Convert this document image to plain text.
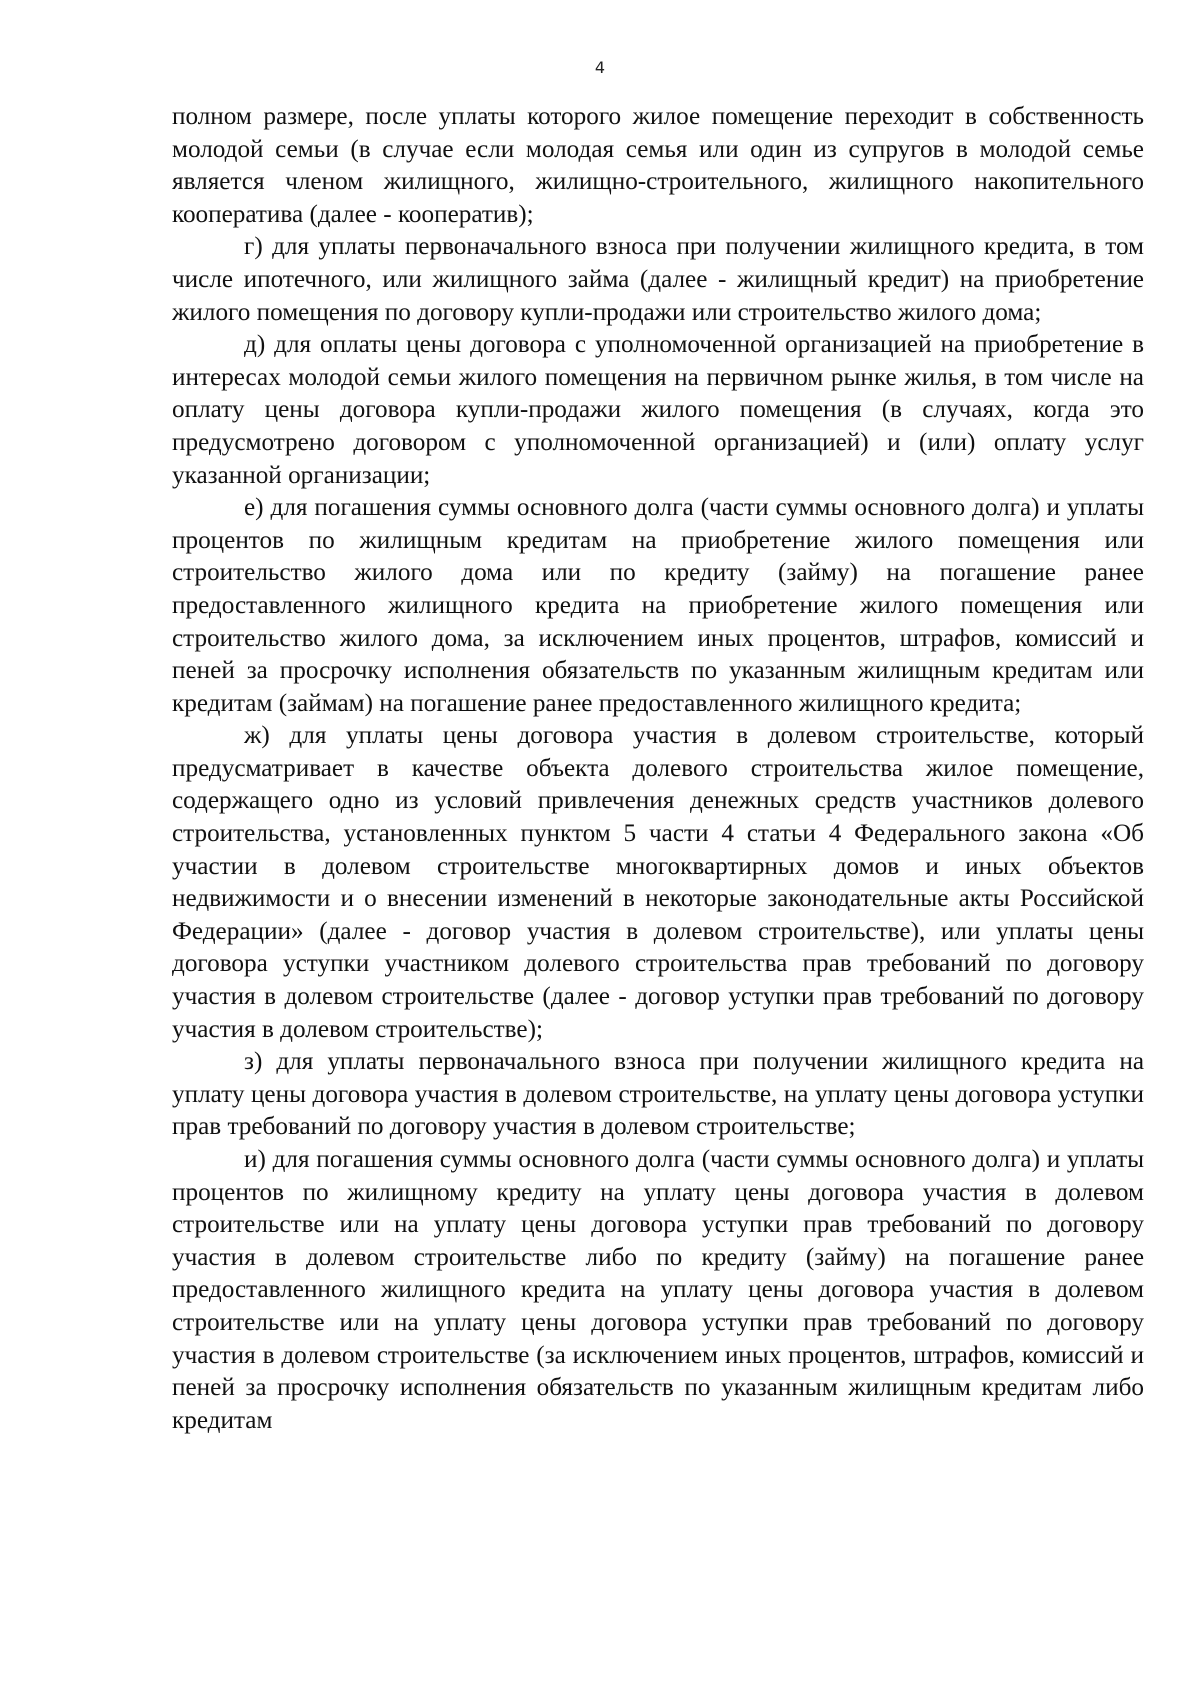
4

полном размере, после уплаты которого жилое помещение переходит в собственность молодой семьи (в случае если молодая семья или один из супругов в молодой семье является членом жилищного, жилищно-строительного, жилищного накопительного кооператива (далее - кооператив);

г) для уплаты первоначального взноса при получении жилищного кредита, в том числе ипотечного, или жилищного займа (далее - жилищный кредит) на приобретение жилого помещения по договору купли-продажи или строительство жилого дома;

д) для оплаты цены договора с уполномоченной организацией на приобретение в интересах молодой семьи жилого помещения на первичном рынке жилья, в том числе на оплату цены договора купли-продажи жилого помещения (в случаях, когда это предусмотрено договором с уполномоченной организацией) и (или) оплату услуг указанной организации;

е) для погашения суммы основного долга (части суммы основного долга) и уплаты процентов по жилищным кредитам на приобретение жилого помещения или строительство жилого дома или по кредиту (займу) на погашение ранее предоставленного жилищного кредита на приобретение жилого помещения или строительство жилого дома, за исключением иных процентов, штрафов, комиссий и пеней за просрочку исполнения обязательств по указанным жилищным кредитам или кредитам (займам) на погашение ранее предоставленного жилищного кредита;

ж) для уплаты цены договора участия в долевом строительстве, который предусматривает в качестве объекта долевого строительства жилое помещение, содержащего одно из условий привлечения денежных средств участников долевого строительства, установленных пунктом 5 части 4 статьи 4 Федерального закона «Об участии в долевом строительстве многоквартирных домов и иных объектов недвижимости и о внесении изменений в некоторые законодательные акты Российской Федерации» (далее - договор участия в долевом строительстве), или уплаты цены договора уступки участником долевого строительства прав требований по договору участия в долевом строительстве (далее - договор уступки прав требований по договору участия в долевом строительстве);

з) для уплаты первоначального взноса при получении жилищного кредита на уплату цены договора участия в долевом строительстве, на уплату цены договора уступки прав требований по договору участия в долевом строительстве;

и) для погашения суммы основного долга (части суммы основного долга) и уплаты процентов по жилищному кредиту на уплату цены договора участия в долевом строительстве или на уплату цены договора уступки прав требований по договору участия в долевом строительстве либо по кредиту (займу) на погашение ранее предоставленного жилищного кредита на уплату цены договора участия в долевом строительстве или на уплату цены договора уступки прав требований по договору участия в долевом строительстве (за исключением иных процентов, штрафов, комиссий и пеней за просрочку исполнения обязательств по указанным жилищным кредитам либо кредитам
